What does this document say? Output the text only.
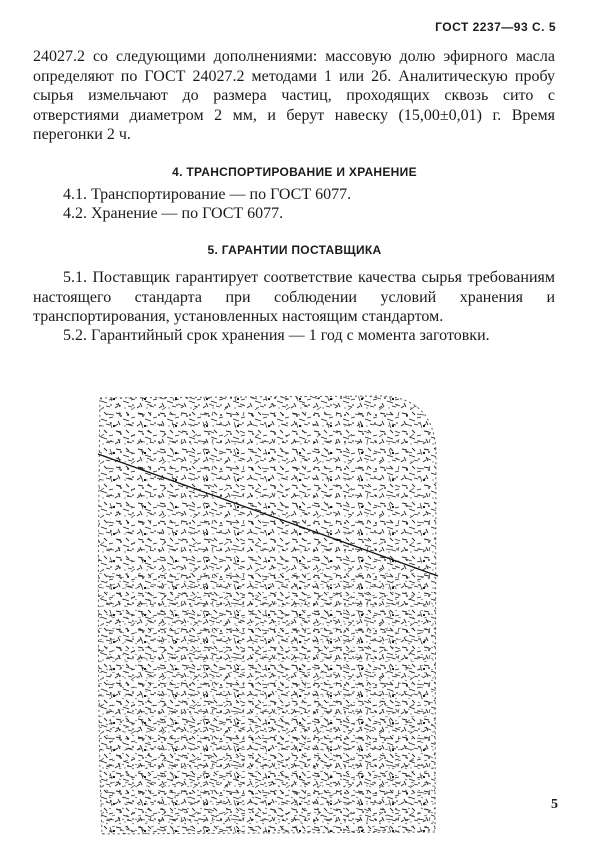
ГОСТ 2237—93 С. 5

24027.2 со следующими дополнениями: массовую долю эфирного масла определяют по ГОСТ 24027.2 методами 1 или 2б. Аналитическую пробу сырья измельчают до размера частиц, проходящих сквозь сито с отверстиями диаметром 2 мм, и берут навеску (15,00±0,01) г. Время перегонки 2 ч.

4. ТРАНСПОРТИРОВАНИЕ И ХРАНЕНИЕ

4.1. Транспортирование — по ГОСТ 6077.

4.2. Хранение — по ГОСТ 6077.

5. ГАРАНТИИ ПОСТАВЩИКА

5.1. Поставщик гарантирует соответствие качества сырья требованиям настоящего стандарта при соблюдении условий хранения и транспортирования, установленных настоящим стандартом.

5.2. Гарантийный срок хранения — 1 год с момента заготовки.

5
